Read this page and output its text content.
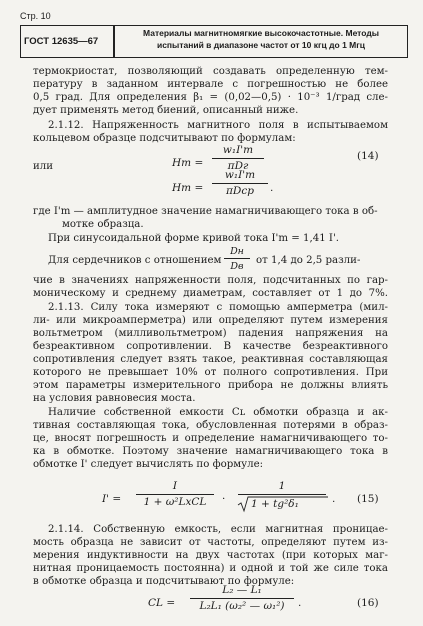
Стр. 10
ГОСТ 12635—67
Материалы магнитномягкие высокочастотные. Методы
испытаний в диапазоне частот от 10 кгц до 1 Мгц
термокриостат, позволяющий создавать определенную тем-
пературу в заданном интервале с погрешностью не более
0,5 град. Для определения β₁ = (0,02—0,5) · 10⁻³ 1/град сле-
дует применять метод биений, описанный ниже.
2.1.12. Напряженность магнитного поля в испытываемом
кольцевом образце подсчитывают по формулам:
Hm =
w₁I'm
πDг
или
(14)
Hm =
w₁I'm
πDср	.
где I'm — амплитудное значение намагничивающего тока в об-
мотке образца.
При синусоидальной форме кривой тока I'm = 1,41 I'.
Для сердечников с отношением
Dн
Dв
от 1,4 до 2,5 разли-
чие в значениях напряженности поля, подсчитанных по гар-
моническому и среднему диаметрам, составляет от 1 до 7%.
2.1.13. Силу тока измеряют с помощью амперметра (мил-
ли- или микроамперметра) или определяют путем измерения
вольтметром (милливольтметром) падения напряжения на
безреактивном сопротивлении. В качестве безреактивного
сопротивления следует взять такое, реактивная составляющая
которого не превышает 10% от полного сопротивления. При
этом параметры измерительного прибора не должны влиять
на условия равновесия моста.
Наличие собственной емкости Cʟ обмотки образца и ак-
тивная составляющая тока, обусловленная потерями в образ-
це, вносят погрешность и определение намагничивающего то-
ка в обмотке. Поэтому значение намагничивающего тока в
обмотке I' следует вычислять по формуле:
I' =
I
1 + ω²LхCL	·
1
1 + tg²δ₁	. (15)
2.1.14. Собственную емкость, если магнитная проницае-
мость образца не зависит от частоты, определяют путем из-
мерения индуктивности на двух частотах (при которых маг-
нитная проницаемость постоянна) и одной и той же силе тока
в обмотке образца и подсчитывают по формуле:
CL =
L₂ — L₁
L₂L₁ (ω₂² — ω₁²)	.	(16)
